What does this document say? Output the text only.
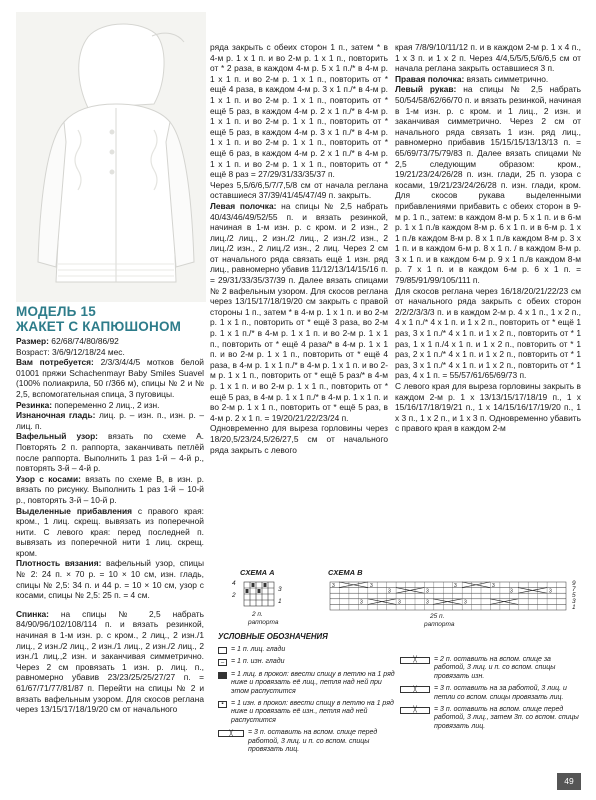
МОДЕЛЬ 15
ЖАКЕТ С КАПЮШОНОМ

Размер: 62/68/74/80/86/92

Возраст: 3/6/9/12/18/24 мес.

Вам потребуется: 2/3/3/4/4/5 мотков белой 01001 пряжи Schachenmayr Baby Smiles Suavel (100% полиакрила, 50 г/366 м), спицы № 2 и № 2,5, вспомогательная спица, 3 пуговицы.

Резинка: попеременно 2 лиц., 2 изн.

Изнаночная гладь: лиц. р. – изн. п., изн. р. – лиц. п.

Вафельный узор: вязать по схеме А. Повторять 2 п. раппорта, заканчивать петлёй после раппорта. Выполнить 1 раз 1-й – 4-й р., повторять 3-й – 4-й р.

Узор с косами: вязать по схеме В, в изн. р. вязать по рисунку. Выполнить 1 раз 1-й – 10-й р., повторять 3-й – 10-й р.

Выделенные прибавления с правого края: кром., 1 лиц. скрещ. вывязать из поперечной нити. С левого края: перед последней п. вывязать из поперечной нити 1 лиц. скрещ. кром.

Плотность вязания: вафельный узор, спицы № 2: 24 п. × 70 р. = 10 × 10 см, изн. гладь, спицы № 2,5: 34 п. и 44 р. = 10 × 10 см, узор с косами, спицы № 2,5: 25 п. = 4 см.

Спинка: на спицы № 2,5 набрать 84/90/96/102/108/114 п. и вязать резинкой, начиная в 1-м изн. р. с кром., 2 лиц., 2 изн./1 лиц., 2 изн./2 лиц., 2 изн./1 лиц., 2 изн./2 лиц., 2 изн./1 лиц.,2 изн. и заканчивая симметрично. Через 2 см провязать 1 изн. р. лиц. п., равномерно убавив 23/23/25/25/27/27 п. = 61/67/71/77/81/87 п. Перейти на спицы № 2 и вязать вафельным узором. Для скосов реглана через 13/15/17/18/19/20 см от начального

ряда закрыть с обеих сторон 1 п., затем * в 4-м р. 1 х 1 п. и во 2-м р. 1 х 1 п., повторить от * 2 раза, в каждом 4-м р. 5 х 1 п./* в 4-м р. 1 х 1 п. и во 2-м р. 1 х 1 п., повторить от * ещё 4 раза, в каждом 4-м р. 3 х 1 п./* в 4-м р. 1 х 1 п. и во 2-м р. 1 х 1 п., повторить от * ещё 5 раз, в каждом 4-м р. 2 х 1 п./* в 4-м р. 1 х 1 п. и во 2-м р. 1 х 1 п., повторить от * ещё 5 раз, в каждом 4-м р. 3 х 1 п./* в 4-м р. 1 х 1 п. и во 2-м р. 1 х 1 п., повторить от * ещё 6 раз, в каждом 4-м р. 2 х 1 п./* в 4-м р. 1 х 1 п. и во 2-м р. 1 х 1 п., повторить от * ещё 8 раз = 27/29/31/33/35/37 п.

Через 5,5/6/6,5/7/7,5/8 см от начала реглана оставшиеся 37/39/41/45/47/49 п. закрыть.

Левая полочка: на спицы № 2,5 набрать 40/43/46/49/52/55 п. и вязать резинкой, начиная в 1-м изн. р. с кром. и 2 изн., 2 лиц./2 лиц., 2 изн./2 лиц., 2 изн./2 изн., 2 лиц./2 изн., 2 лиц./2 изн., 2 лиц. Через 2 см от начального ряда связать ещё 1 изн. ряд лиц., равномерно убавив 11/12/13/14/15/16 п. = 29/31/33/35/37/39 п. Далее вязать спицами № 2 вафельным узором. Для скосов реглана через 13/15/17/18/19/20 см закрыть с правой стороны 1 п., затем * в 4-м р. 1 х 1 п. и во 2-м р. 1 х 1 п., повторить от * ещё 3 раза, во 2-м р. 1 х 1 п./* в 4-м р. 1 х 1 п. и во 2-м р. 1 х 1 п., повторить от * ещё 4 раза/* в 4-м р. 1 х 1 п. и во 2-м р. 1 х 1 п., повторить от * ещё 4 раза, в 4-м р. 1 х 1 п./* в 4-м р. 1 х 1 п. и во 2-м р. 1 х 1 п., повторить от * ещё 5 раз/* в 4-м р. 1 х 1 п. и во 2-м р. 1 х 1 п., повторить от * ещё 5 раз, в 4-м р. 1 х 1 п./* в 4-м р. 1 х 1 п. и во 2-м р. 1 х 1 п., повторить от * ещё 5 раз, в 4-м р. 2 х 1 п. = 19/20/21/22/23/24 п.

Одновременно для выреза горловины через 18/20,5/23/24,5/26/27,5 см от начального ряда закрыть с левого

края 7/8/9/10/11/12 п. и в каждом 2-м р. 1 х 4 п., 1 х 3 п. и 1 х 2 п. Через 4/4,5/5/5,5/6/6,5 см от начала реглана закрыть оставшиеся 3 п.

Правая полочка: вязать симметрично.

Левый рукав: на спицы № 2,5 набрать 50/54/58/62/66/70 п. и вязать резинкой, начиная в 1-м изн. р. с кром. и 1 лиц., 2 изн. и заканчивая симметрично. Через 2 см от начального ряда связать 1 изн. ряд лиц., равномерно прибавив 15/15/15/13/13/13 п. = 65/69/73/75/79/83 п. Далее вязать спицами № 2,5 следующим образом: кром., 19/21/23/24/26/28 п. изн. глади, 25 п. узора с косами, 19/21/23/24/26/28 п. изн. глади, кром. Для скосов рукава выделенными прибавлениями прибавить с обеих сторон в 9-м р. 1 п., затем: в каждом 8-м р. 5 х 1 п. и в 6-м р. 1 х 1 п./в каждом 8-м р. 6 х 1 п. и в 6-м р. 1 х 1 п./в каждом 8-м р. 8 х 1 п./в каждом 8-м р. 3 х 1 п. и в каждом 6-м р. 8 х 1 п. / в каждом 8-м р. 3 х 1 п. и в каждом 6-м р. 9 х 1 п./в каждом 8-м р. 7 х 1 п. и в каждом 6-м р. 6 х 1 п. = 79/85/91/99/105/111 п.

Для скосов реглана через 16/18/20/21/22/23 см от начального ряда закрыть с обеих сторон 2/2/2/3/3/3 п. и в каждом 2-м р. 4 х 1 п., 1 х 2 п., 4 х 1 п./* 4 х 1 п. и 1 х 2 п., повторить от * ещё 1 раз, 3 х 1 п./* 4 х 1 п. и 1 х 2 п., повторить от * 1 раз, 1 х 1 п./4 х 1 п. и 1 х 2 п., повторить от * 1 раз, 2 х 1 п./* 4 х 1 п. и 1 х 2 п., повторить от * 1 раз, 3 х 1 п./* 4 х 1 п. и 1 х 2 п., повторить от * 1 раз, 4 х 1 п. = 55/57/61/65/69/73 п.

С левого края для выреза горловины закрыть в каждом 2-м р. 1 х 13/13/15/17/18/19 п., 1 х 15/16/17/18/19/21 п., 1 х 14/15/16/17/19/20 п., 1 х 3 п., 1 х 2 п., и 1 х 3 п. Одновременно убавить с правого края в каждом 2-м

СХЕМА А	СХЕМА В
4
2
3
1
2 п.
раппорта
3	3
3	3
3	3
3	3
3	3	3	3
9
7
5
3
1
25 п.
раппорта
УСЛОВНЫЕ ОБОЗНАЧЕНИЯ
= 1 п. лиц. глади
– = 1 п. изн. глади
= 1 лиц. в прокол: ввести спицу в петлю на 1 ряд ниже и провязать её лиц., петля над ней при этом распустится
▪	= 1 изн. в прокол: ввести спицу в петлю на 1 ряд ниже и провязать её изн., петля над ней распустится
╳	= 3 п. оставить на вспом. спице перед работой, 3 лиц. и п. со вспом. спицы провязать лиц.
╳	= 2 п. оставить на вспом. спице за работой, 3 лиц. и п. со вспом. спицы провязать изн.
╳	= 3 п. оставить на за работой, 3 лиц. и петли со вспом. спицы провязать лиц.
╳	= 3 п. оставить на вспом. спице перед работой, 3 лиц., затем 3п. со вспом. спицы провязать лиц.
49
